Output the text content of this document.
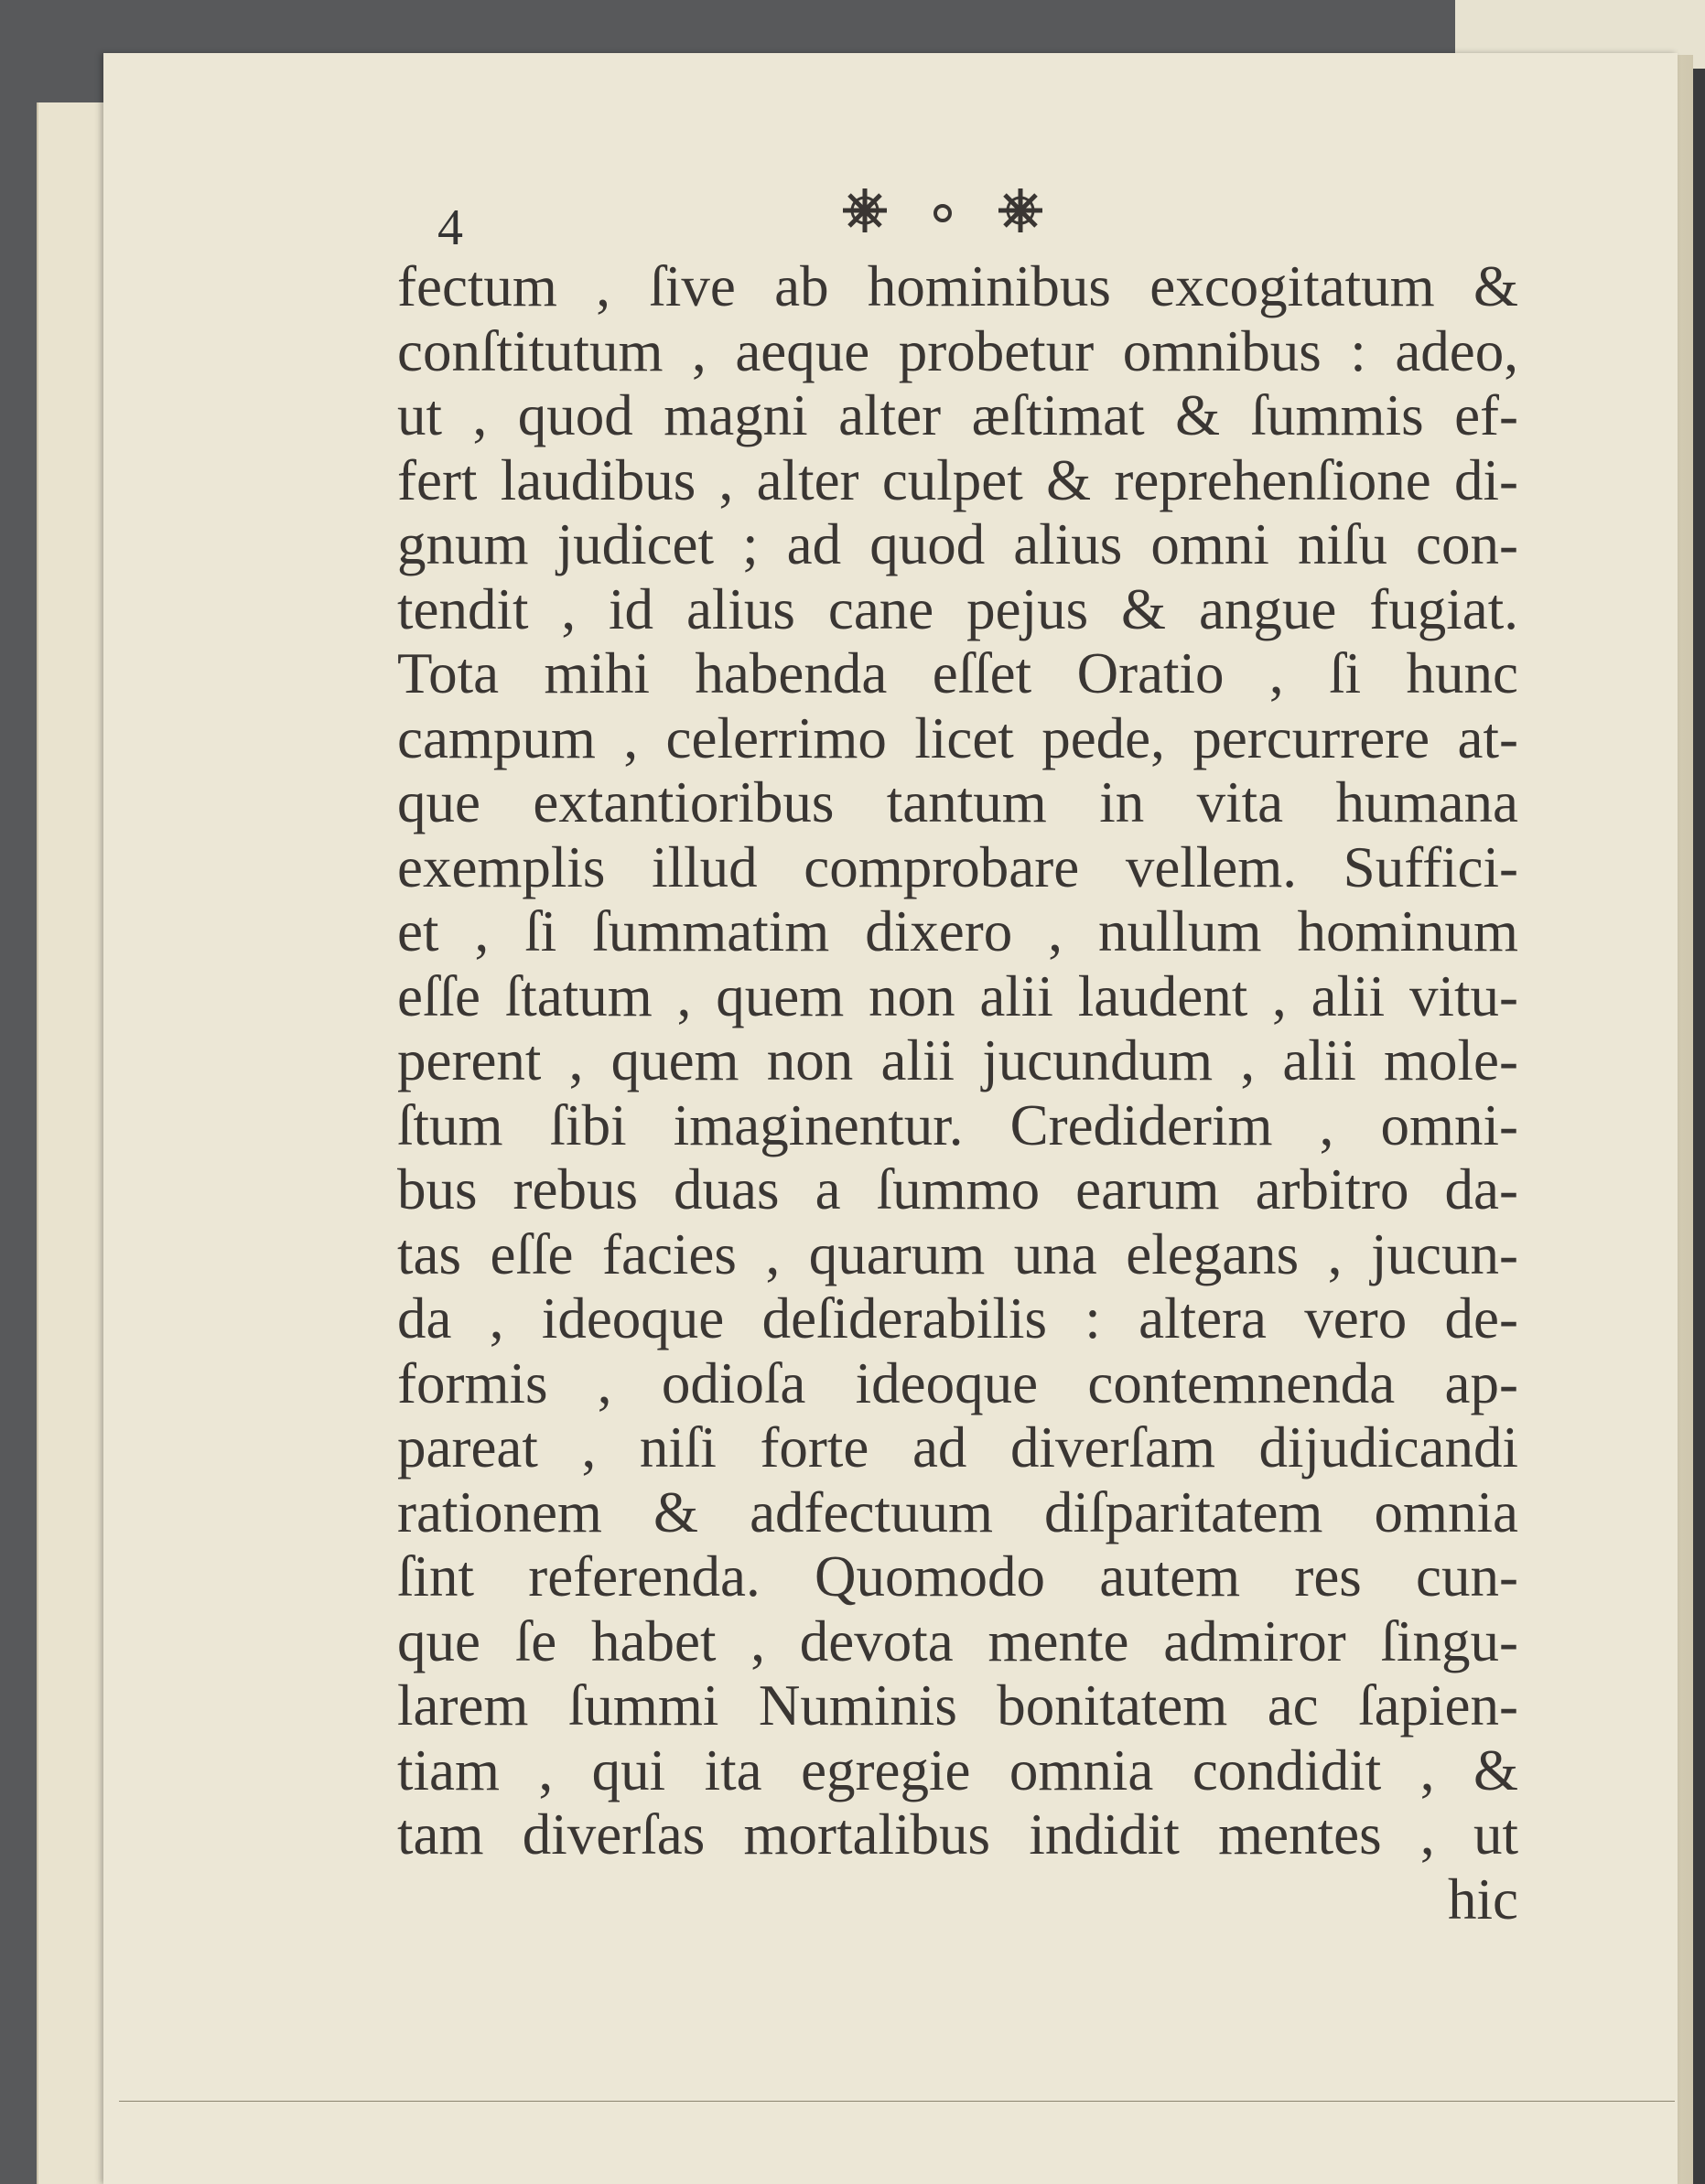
4
fectum , ſive ab hominibus excogitatum &
conſtitutum , aeque probetur omnibus : adeo,
ut , quod magni alter æſtimat & ſummis ef-
fert laudibus , alter culpet & reprehenſione di-
gnum judicet ; ad quod alius omni niſu con-
tendit , id alius cane pejus & angue fugiat.
Tota mihi habenda eſſet Oratio , ſi hunc
campum , celerrimo licet pede, percurrere at-
que extantioribus tantum in vita humana
exemplis illud comprobare vellem. Suffici-
et , ſi ſummatim dixero , nullum hominum
eſſe ſtatum , quem non alii laudent , alii vitu-
perent , quem non alii jucundum , alii mole-
ſtum ſibi imaginentur. Crediderim , omni-
bus rebus duas a ſummo earum arbitro da-
tas eſſe facies , quarum una elegans , jucun-
da , ideoque deſiderabilis : altera vero de-
formis , odioſa ideoque contemnenda ap-
pareat , niſi forte ad diverſam dijudicandi
rationem & adfectuum diſparitatem omnia
ſint referenda. Quomodo autem res cun-
que ſe habet , devota mente admiror ſingu-
larem ſummi Numinis bonitatem ac ſapien-
tiam , qui ita egregie omnia condidit , &
tam diverſas mortalibus indidit mentes , ut
hic
